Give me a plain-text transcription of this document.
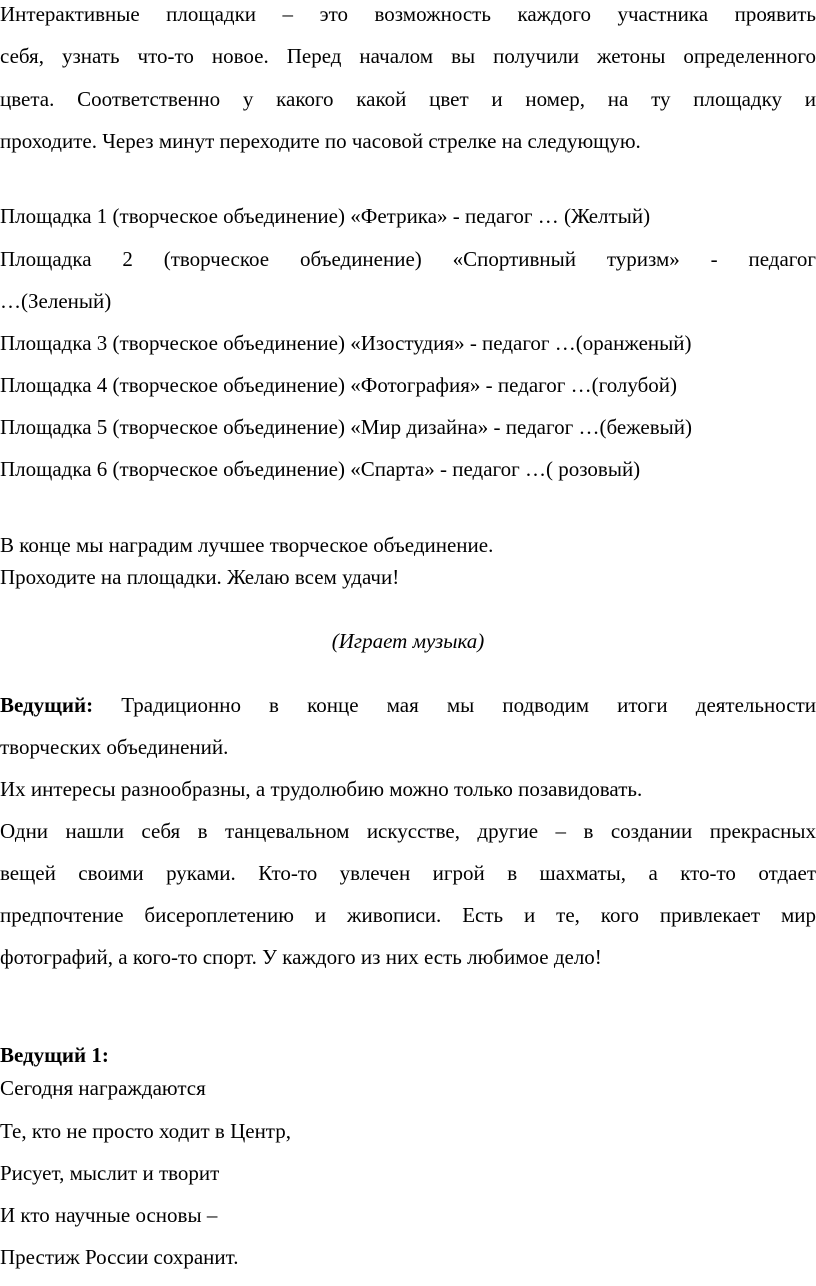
Интерактивные площадки – это возможность каждого участника проявить
себя, узнать что-то новое. Перед началом вы получили жетоны определенного
цвета. Соответственно у какого какой цвет и номер, на ту площадку и
проходите. Через минут переходите по часовой стрелке на следующую.
Площадка 1 (творческое объединение) «Фетрика» - педагог … (Желтый)
Площадка 2 (творческое объединение) «Спортивный туризм» - педагог
…(Зеленый)
Площадка 3 (творческое объединение) «Изостудия» - педагог …(оранженый)
Площадка 4 (творческое объединение) «Фотография» - педагог …(голубой)
Площадка 5 (творческое объединение) «Мир дизайна» - педагог …(бежевый)
Площадка 6 (творческое объединение) «Спарта» - педагог …( розовый)
В конце мы наградим лучшее творческое объединение.
Проходите на площадки. Желаю всем удачи!
(Играет музыка)
Ведущий: Традиционно в конце мая мы подводим итоги деятельности
творческих объединений.
Их интересы разнообразны, а трудолюбию можно только позавидовать.
Одни нашли себя в танцевальном искусстве, другие – в создании прекрасных
вещей своими руками. Кто-то увлечен игрой в шахматы, а кто-то отдает
предпочтение бисероплетению и живописи. Есть и те, кого привлекает мир
фотографий, а кого-то спорт. У каждого из них есть любимое дело!
Ведущий 1:
Сегодня награждаются
Те, кто не просто ходит в Центр,
Рисует, мыслит и творит
И кто научные основы –
Престиж России сохранит.
